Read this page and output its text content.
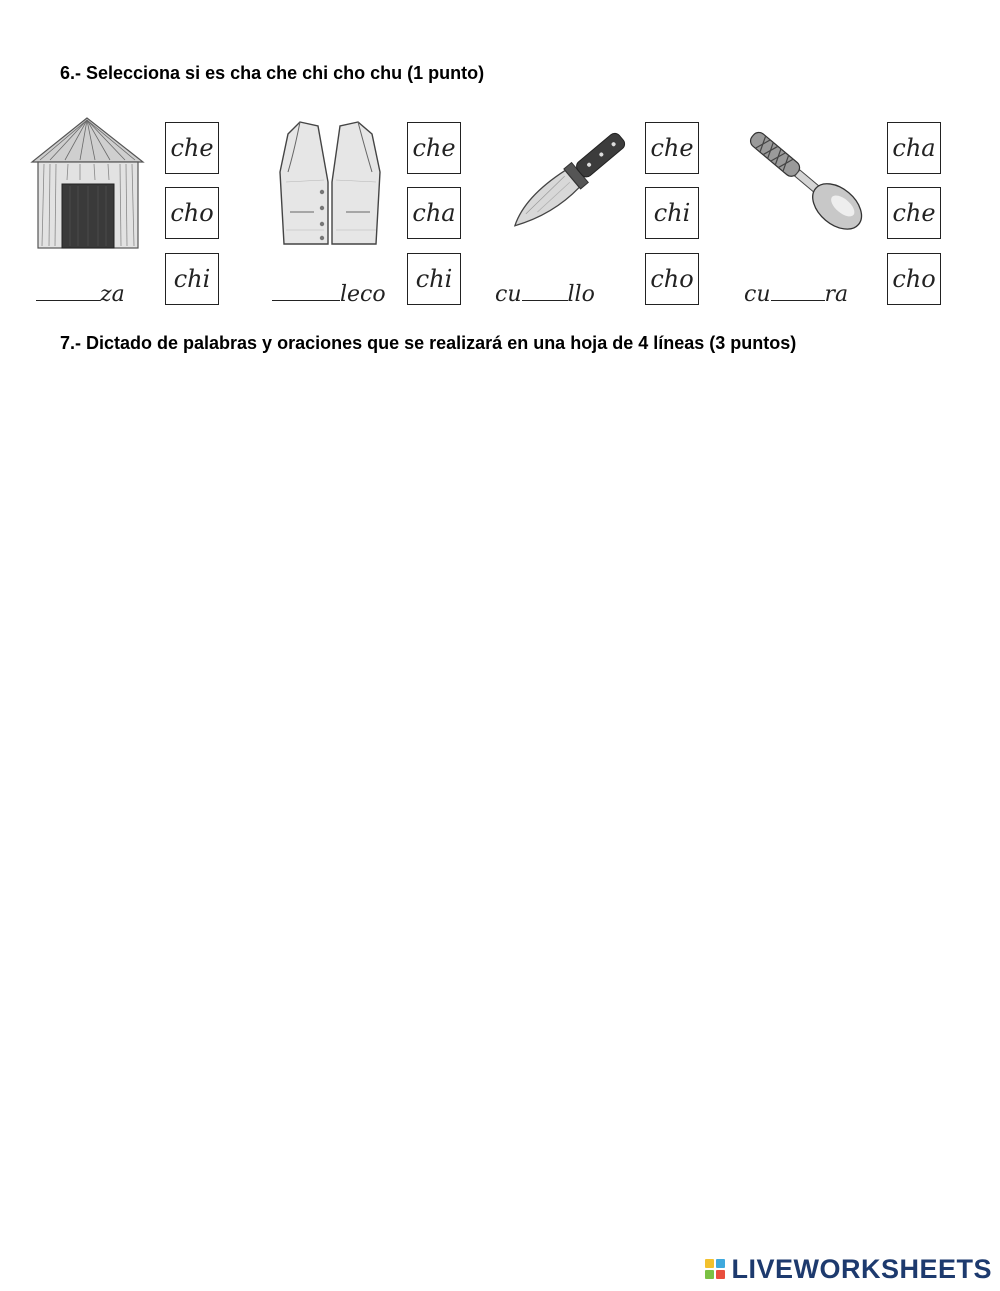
6.- Selecciona si es cha che chi cho chu (1 punto)
che
cho
chi
za
che
cha
chi
leco
che
chi
cho
cu llo
cha
che
cho
cu ra
7.- Dictado de palabras y oraciones que se realizará en una hoja de 4 líneas (3 puntos)
LIVEWORKSHEETS
